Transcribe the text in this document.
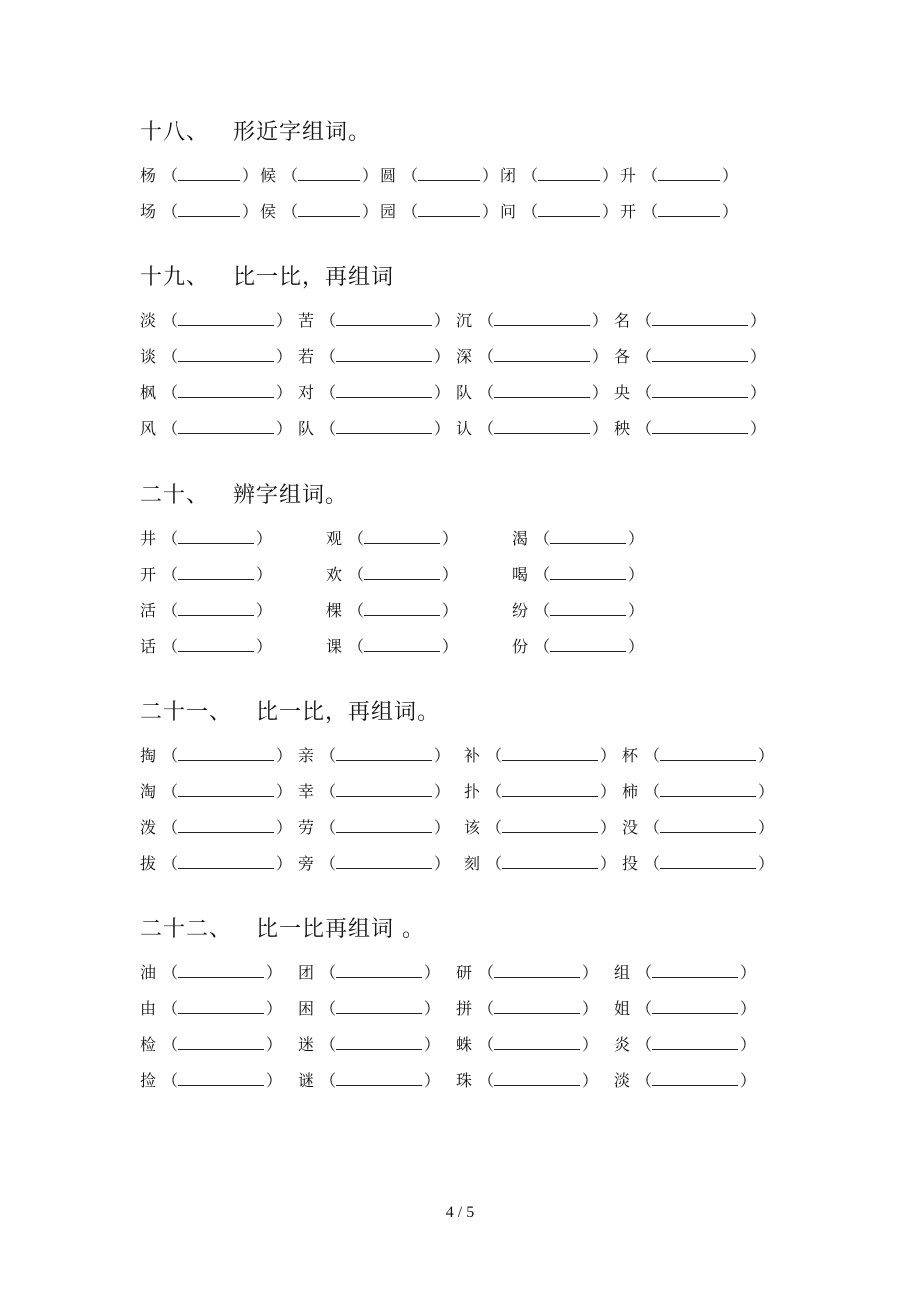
十八、 形近字组词。
杨 （	） 候 （	） 圆 （	） 闭 （	） 升 （	）
场 （	） 侯 （	） 园 （	） 问 （	） 开 （	）
十九、 比一比，再组词
淡 （	） 苦 （	） 沉 （	） 名 （	）
谈 （	） 若 （	） 深 （	） 各 （	）
枫 （	） 对 （	） 队 （	） 央 （	）
风 （	） 队 （	） 认 （	） 秧 （	）
二十、 辨字组词。
井 （	）	观 （	）	渴 （	）
开 （	）	欢 （	）	喝 （	）
活 （	）	棵 （	）	纷 （	）
话 （	）	课 （	）	份 （	）
二十一、 比一比，再组词。
掏 （	） 亲 （	） 补 （	） 杯 （	）
淘 （	） 幸 （	） 扑 （	） 柿 （	）
泼 （	） 劳 （	） 该 （	） 没 （	）
拔 （	） 旁 （	） 刻 （	） 投 （	）
二十二、 比一比再组词 。
油 （	） 团 （	） 研 （	） 组 （	）
由 （	） 困 （	） 拼 （	） 姐 （	）
检 （	） 迷 （	） 蛛 （	） 炎 （	）
捡 （	） 谜 （	） 珠 （	） 淡 （	）
4 / 5
